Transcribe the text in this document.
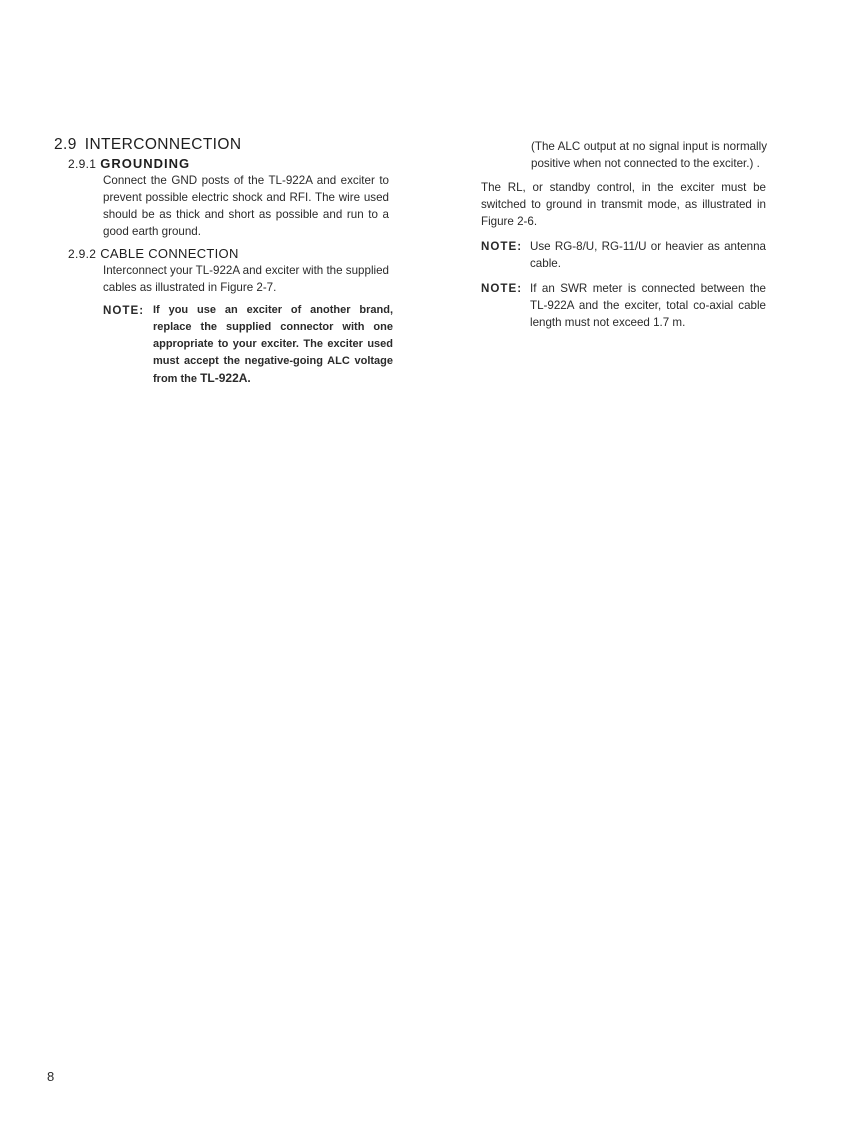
2.9 INTERCONNECTION
2.9.1 GROUNDING

Connect the GND posts of the TL-922A and exciter to prevent possible electric shock and RFI. The wire used should be as thick and short as possible and run to a good earth ground.

2.9.2 CABLE CONNECTION

Interconnect your TL-922A and exciter with the supplied cables as illustrated in Figure 2-7.

NOTE: If you use an exciter of another brand, replace the supplied connector with one appropriate to your exciter. The exciter used must accept the negative-going ALC voltage from the TL-922A.

(The ALC output at no signal input is normally positive when not connected to the exciter.) .

The RL, or standby control, in the exciter must be switched to ground in transmit mode, as illustrated in Figure 2-6.

NOTE: Use RG-8/U, RG-11/U or heavier as antenna cable.
NOTE: If an SWR meter is connected between the TL-922A and the exciter, total co-axial cable length must not exceed 1.7 m.
8
